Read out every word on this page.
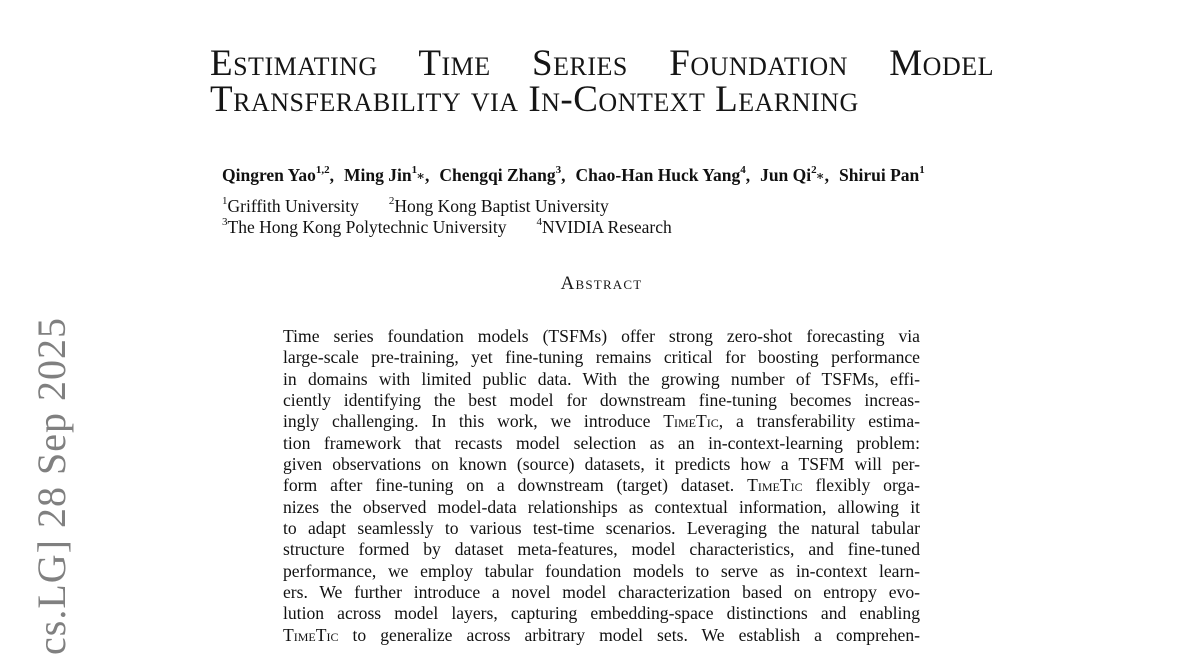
cs.LG] 28 Sep 2025
Estimating Time Series Foundation Model
Transferability via In-Context Learning
Qingren Yao$^{1,2}$, Ming Jin$^1$∗, Chengqi Zhang$^3$, Chao-Han Huck Yang$^4$, Jun Qi$^2$∗, Shirui Pan$^1$
$^1$Griffith University	$^2$Hong Kong Baptist University
$^3$The Hong Kong Polytechnic University	$^4$NVIDIA Research
Abstract
Time series foundation models (TSFMs) offer strong zero-shot forecasting via
large-scale pre-training, yet fine-tuning remains critical for boosting performance
in domains with limited public data. With the growing number of TSFMs, effi-
ciently identifying the best model for downstream fine-tuning becomes increas-
ingly challenging. In this work, we introduce TimeTic, a transferability estima-
tion framework that recasts model selection as an in-context-learning problem:
given observations on known (source) datasets, it predicts how a TSFM will per-
form after fine-tuning on a downstream (target) dataset. TimeTic flexibly orga-
nizes the observed model-data relationships as contextual information, allowing it
to adapt seamlessly to various test-time scenarios. Leveraging the natural tabular
structure formed by dataset meta-features, model characteristics, and fine-tuned
performance, we employ tabular foundation models to serve as in-context learn-
ers. We further introduce a novel model characterization based on entropy evo-
lution across model layers, capturing embedding-space distinctions and enabling
TimeTic to generalize across arbitrary model sets. We establish a comprehen-
